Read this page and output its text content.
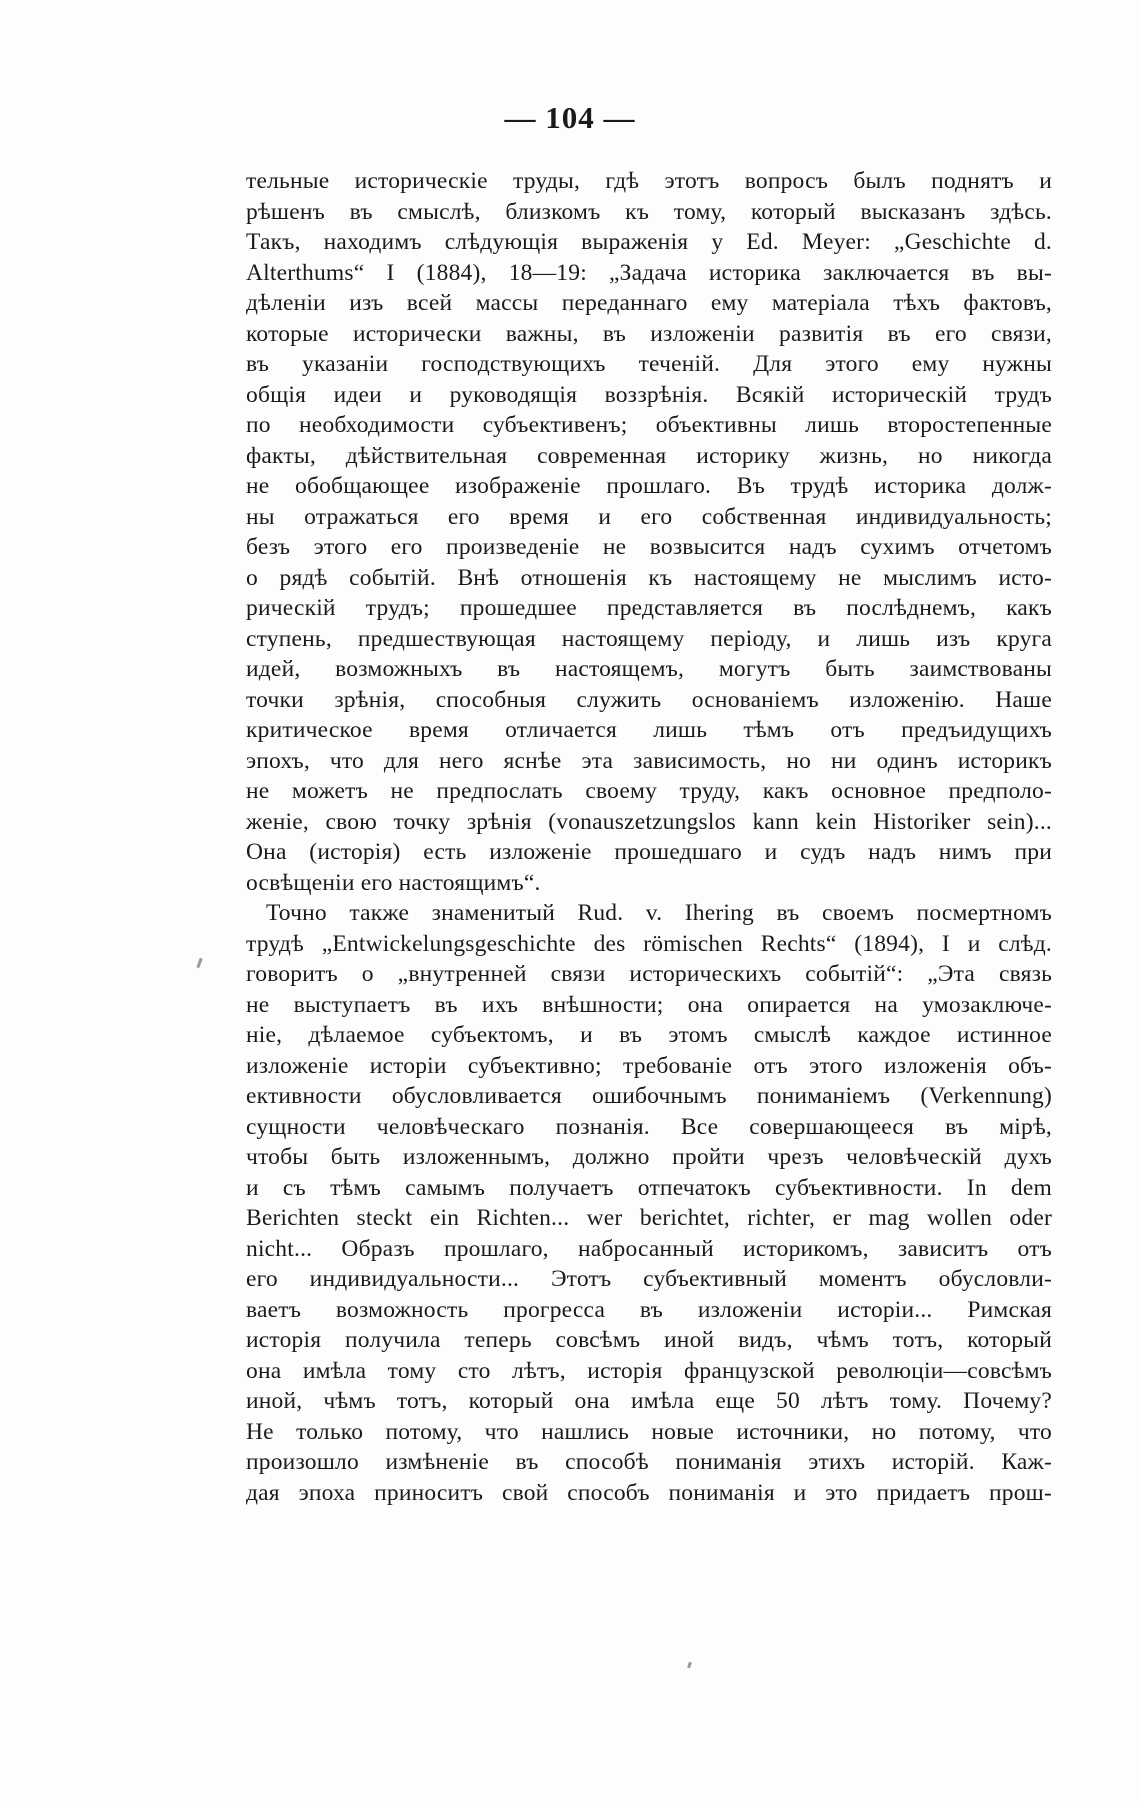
— 104 —
тельные историческiе труды, гдѣ этотъ вопросъ былъ поднятъ и
рѣшенъ въ смыслѣ, близкомъ къ тому, который высказанъ здѣсь.
Такъ, находимъ слѣдующiя выраженiя у Ed. Meyer: „Geschichte d.
Alterthums“ I (1884), 18—19: „Задача историка заключается въ вы-
дѣленiи изъ всей массы переданнаго ему матерiала тѣхъ фактовъ,
которые исторически важны, въ изложенiи развитiя въ его связи,
въ указанiи господствующихъ теченiй. Для этого ему нужны
общiя идеи и руководящiя воззрѣнiя. Всякiй историческiй трудъ
по необходимости субъективенъ; объективны лишь второстепенные
факты, дѣйствительная современная историку жизнь, но никогда
не обобщающее изображенiе прошлаго. Въ трудѣ историка долж-
ны отражаться его время и его собственная индивидуальность;
безъ этого его произведенiе не возвысится надъ сухимъ отчетомъ
о рядѣ событiй. Внѣ отношенiя къ настоящему не мыслимъ исто-
рическiй трудъ; прошедшее представляется въ послѣднемъ, какъ
ступень, предшествующая настоящему перiоду, и лишь изъ круга
идей, возможныхъ въ настоящемъ, могутъ быть заимствованы
точки зрѣнiя, способныя служить основанiемъ изложенiю. Наше
критическое время отличается лишь тѣмъ отъ предъидущихъ
эпохъ, что для него яснѣе эта зависимость, но ни одинъ историкъ
не можетъ не предпослать своему труду, какъ основное предполо-
женiе, свою точку зрѣнiя (vonauszetzungslos kann kein Historiker sein)...
Она (исторiя) есть изложенiе прошедшаго и судъ надъ нимъ при
освѣщенiи его настоящимъ“.
Точно также знаменитый Rud. v. Ihering въ своемъ посмертномъ
трудѣ „Entwickelungsgeschichte des römischen Rechts“ (1894), I и слѣд.
говоритъ о „внутренней связи историческихъ событiй“: „Эта связь
не выступаетъ въ ихъ внѣшности; она опирается на умозаключе-
нiе, дѣлаемое субъектомъ, и въ этомъ смыслѣ каждое истинное
изложенiе исторiи субъективно; требованiе отъ этого изложенiя объ-
ективности обусловливается ошибочнымъ пониманiемъ (Verkennung)
сущности человѣческаго познанiя. Все совершающееся въ мiрѣ,
чтобы быть изложеннымъ, должно пройти чрезъ человѣческiй духъ
и съ тѣмъ самымъ получаетъ отпечатокъ субъективности. In dem
Berichten steckt ein Richten... wer berichtet, richter, er mag wollen oder
nicht... Образъ прошлаго, набросанный историкомъ, зависитъ отъ
его индивидуальности... Этотъ субъективный моментъ обусловли-
ваетъ возможность прогресса въ изложенiи исторiи... Римская
исторiя получила теперь совсѣмъ иной видъ, чѣмъ тотъ, который
она имѣла тому сто лѣтъ, исторiя французской революцiи—совсѣмъ
иной, чѣмъ тотъ, который она имѣла еще 50 лѣтъ тому. Почему?
Не только потому, что нашлись новые источники, но потому, что
произошло измѣненiе въ способѣ пониманiя этихъ исторiй. Каж-
дая эпоха приноситъ свой способъ пониманiя и это придаетъ прош-
